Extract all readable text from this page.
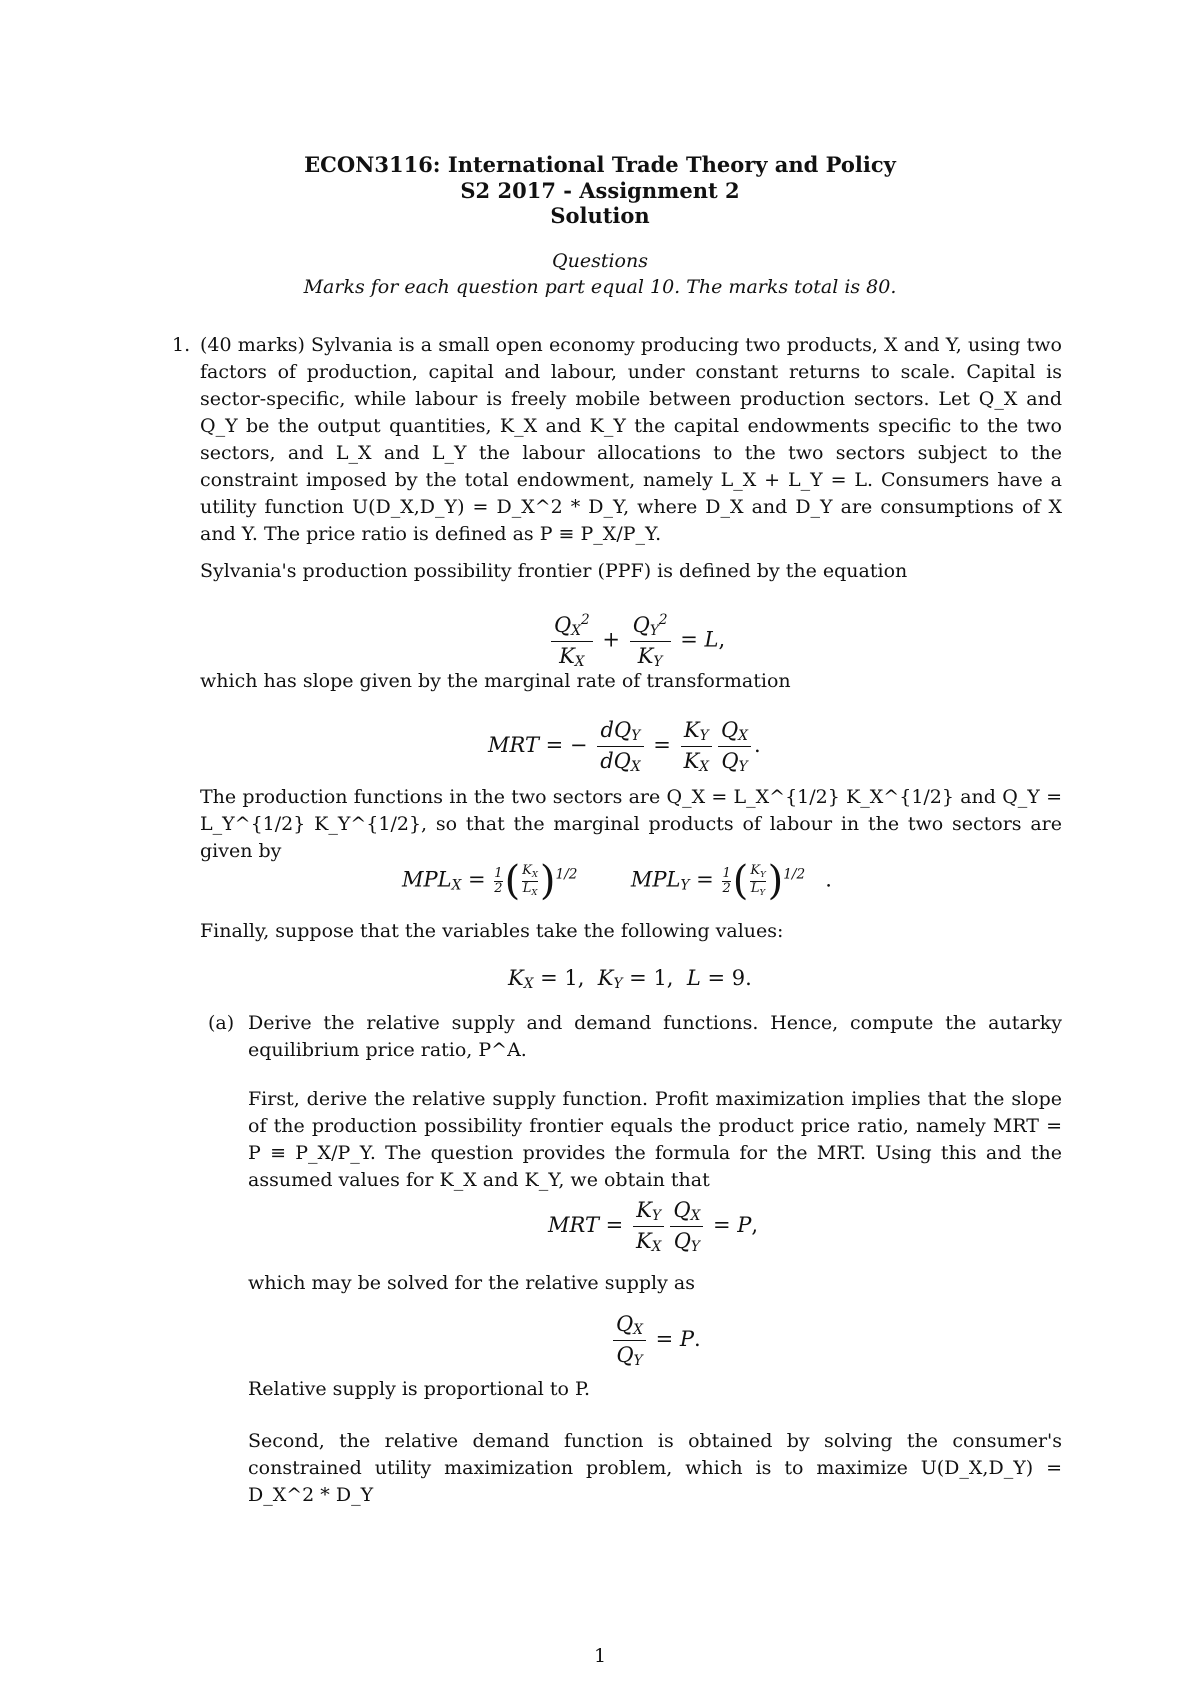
ECON3116: International Trade Theory and Policy
S2 2017 - Assignment 2
Solution
Questions
Marks for each question part equal 10. The marks total is 80.
1. (40 marks) Sylvania is a small open economy producing two products, X and Y, using two factors of production, capital and labour, under constant returns to scale. Capital is sector-specific, while labour is freely mobile between production sectors. Let Q_X and Q_Y be the output quantities, K_X and K_Y the capital endowments specific to the two sectors, and L_X and L_Y the labour allocations to the two sectors subject to the constraint imposed by the total endowment, namely L_X + L_Y = L. Consumers have a utility function U(D_X,D_Y) = D_X^2 * D_Y, where D_X and D_Y are consumptions of X and Y. The price ratio is defined as P ≡ P_X/P_Y.
Sylvania's production possibility frontier (PPF) is defined by the equation
$\frac{Q_X^2}{K_X} + \frac{Q_Y^2}{K_Y} = L$,
which has slope given by the marginal rate of transformation
MRT = − $\frac{dQ_Y}{dQ_X} = \frac{K_Y}{K_X} \frac{Q_X}{Q_Y}$ .
The production functions in the two sectors are Q_X = L_X^{1/2} K_X^{1/2} and Q_Y = L_Y^{1/2} K_Y^{1/2}, so that the marginal products of labour in the two sectors are given by
$MPL_X = \frac{1}{2}$ ( $\frac{K_X}{L_X} )^{1/2}$        $MPL_Y = \frac{1}{2}$ ( $\frac{K_Y}{L_Y} )^{1/2}$ .
Finally, suppose that the variables take the following values:
$K_X = 1$,  $K_Y = 1$,  L = 9.
(a) Derive the relative supply and demand functions. Hence, compute the autarky equilibrium price ratio, P^A.
First, derive the relative supply function. Profit maximization implies that the slope of the production possibility frontier equals the product price ratio, namely MRT = P ≡ P_X/P_Y. The question provides the formula for the MRT. Using this and the assumed values for K_X and K_Y, we obtain that
MRT = $\frac{K_Y}{K_X} \frac{Q_X}{Q_Y} = P$,
which may be solved for the relative supply as
$\frac{Q_X}{Q_Y} = P$.
Relative supply is proportional to P.
Second, the relative demand function is obtained by solving the consumer's constrained utility maximization problem, which is to maximize U(D_X,D_Y) = D_X^2 * D_Y
1
